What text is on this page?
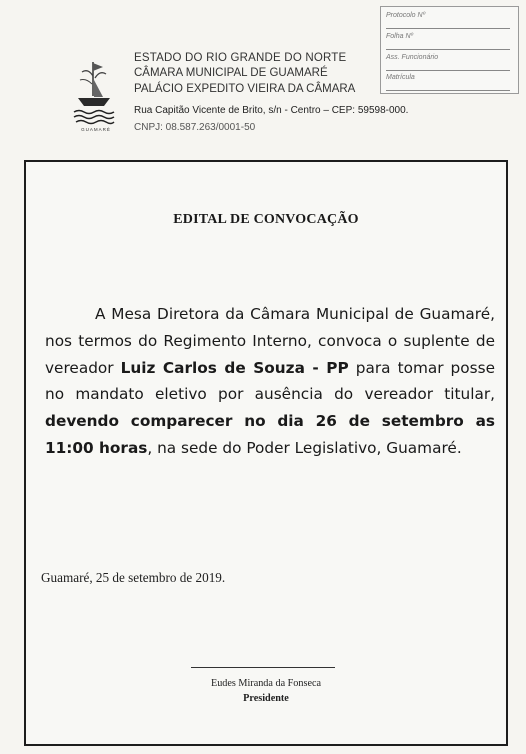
Protocolo Nº
Folha Nº
Ass. Funcionário
Matrícula
GUAMARÉ
ESTADO DO RIO GRANDE DO NORTE
CÂMARA MUNICIPAL DE GUAMARÉ
PALÁCIO EXPEDITO VIEIRA DA CÂMARA
Rua Capitão Vicente de Brito, s/n - Centro – CEP: 59598-000.
CNPJ: 08.587.263/0001-50
EDITAL DE CONVOCAÇÃO
A Mesa Diretora da Câmara Municipal de Guamaré, nos termos do Regimento Interno, convoca o suplente de vereador Luiz Carlos de Souza - PP para tomar posse no mandato eletivo por ausência do vereador titular, devendo comparecer no dia 26 de setembro as 11:00 horas, na sede do Poder Legislativo, Guamaré.
Guamaré, 25 de setembro de 2019.
Eudes Miranda da Fonseca
Presidente
